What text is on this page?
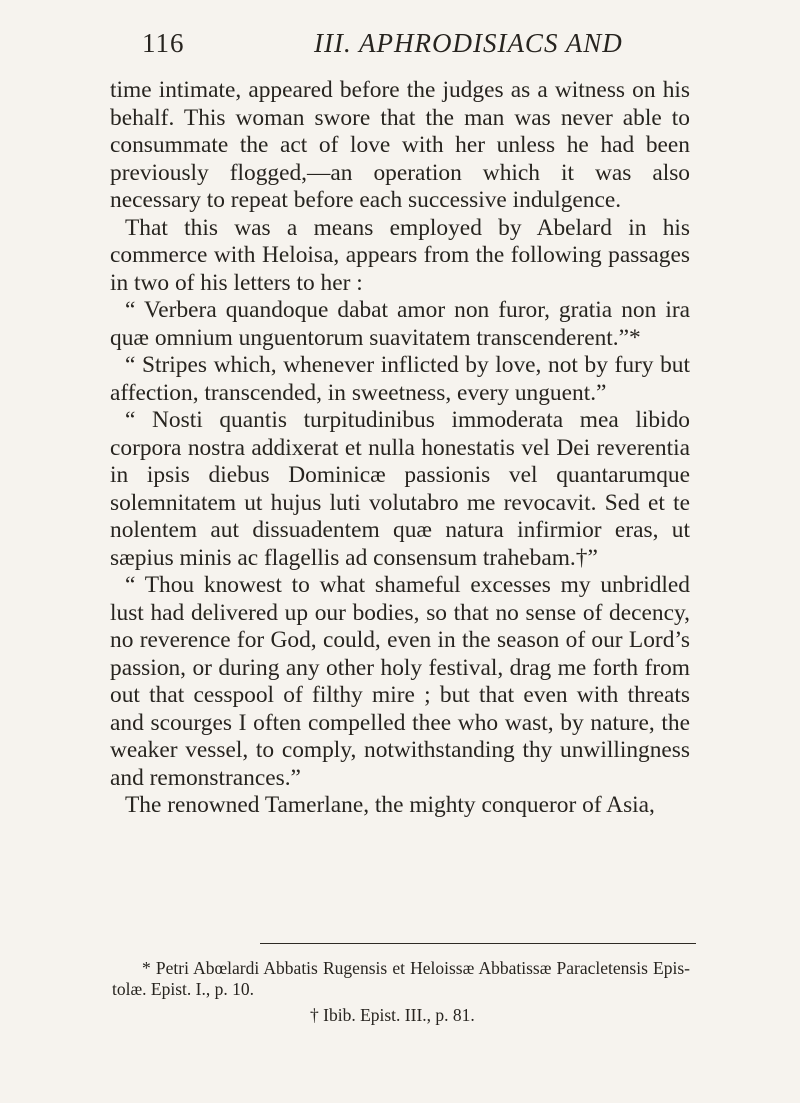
116	III. APHRODISIACS AND

time intimate, appeared before the judges as a witness on his behalf. This woman swore that the man was never able to consummate the act of love with her unless he had been previously flogged,—an operation which it was also necessary to repeat before each successive indulgence.

That this was a means employed by Abelard in his commerce with Heloisa, appears from the following passages in two of his letters to her :

“ Verbera quandoque dabat amor non furor, gratia non ira quæ omnium unguentorum suavitatem transcenderent.”*

“ Stripes which, whenever inflicted by love, not by fury but affection, transcended, in sweetness, every unguent.”

“ Nosti quantis turpitudinibus immoderata mea libido corpora nostra addixerat et nulla honestatis vel Dei reverentia in ipsis diebus Dominicæ passionis vel quantarumque solemnitatem ut hujus luti volutabro me revocavit. Sed et te nolentem aut dissuadentem quæ natura infirmior eras, ut sæpius minis ac flagellis ad consensum trahebam.†”

“ Thou knowest to what shameful excesses my unbridled lust had delivered up our bodies, so that no sense of decency, no reverence for God, could, even in the season of our Lord’s passion, or during any other holy festival, drag me forth from out that cesspool of filthy mire ; but that even with threats and scourges I often compelled thee who wast, by nature, the weaker vessel, to comply, notwithstanding thy unwillingness and remonstrances.”

The renowned Tamerlane, the mighty conqueror of Asia,

* Petri Abœlardi Abbatis Rugensis et Heloissæ Abbatissæ Paracletensis Epistolæ. Epist. I., p. 10.

† Ibib. Epist. III., p. 81.
